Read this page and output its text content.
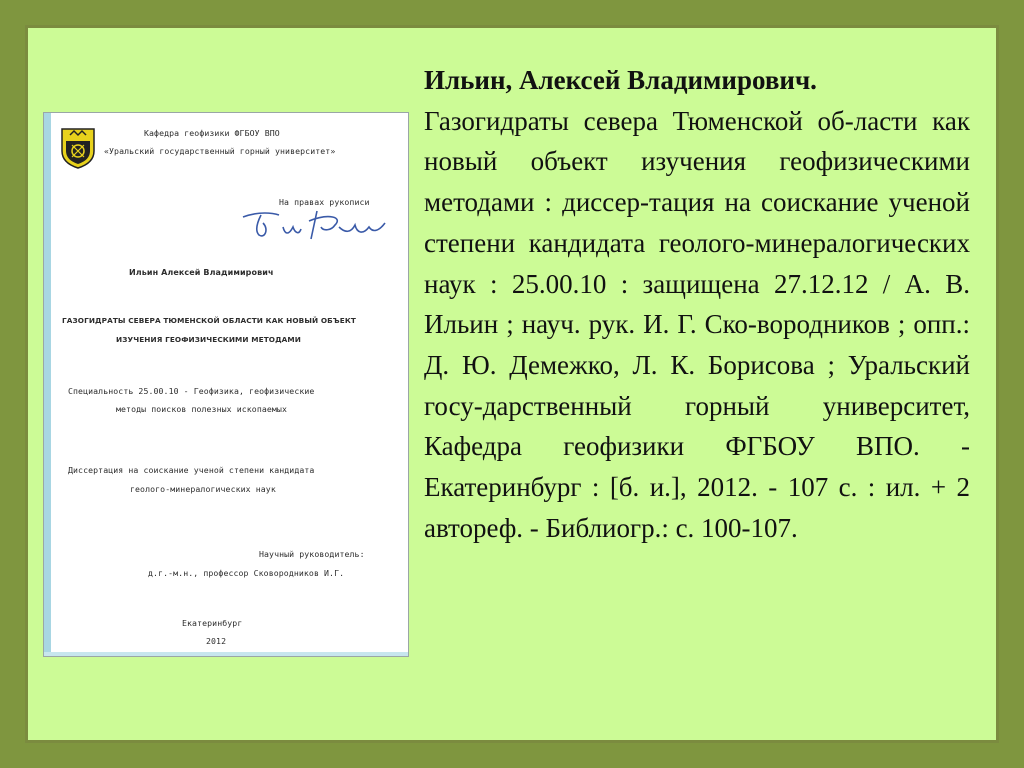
Кафедра геофизики ФГБОУ ВПО
«Уральский государственный горный университет»
На правах рукописи
Ильин Алексей Владимирович
ГАЗОГИДРАТЫ СЕВЕРА ТЮМЕНСКОЙ ОБЛАСТИ КАК НОВЫЙ ОБЪЕКТ
ИЗУЧЕНИЯ ГЕОФИЗИЧЕСКИМИ МЕТОДАМИ
Специальность 25.00.10 - Геофизика, геофизические
методы поисков полезных ископаемых
Диссертация на соискание ученой степени кандидата
геолого-минералогических наук
Научный руководитель:
д.г.-м.н., профессор Сковородников И.Г.
Екатеринбург
2012
Ильин, Алексей Владимирович.
Газогидраты севера Тюменской об-ласти как новый объект изучения геофизическими методами : диссер-тация на соискание ученой степени кандидата геолого-минералогических наук : 25.00.10 : защищена 27.12.12 / А. В. Ильин ; науч. рук. И. Г. Ско-вородников ; опп.: Д. Ю. Демежко, Л. К. Борисова ; Уральский госу-дарственный горный университет, Кафедра геофизики ФГБОУ ВПО. - Екатеринбург : [б. и.], 2012. - 107 с. : ил. + 2 автореф. - Библиогр.: с. 100-107.
